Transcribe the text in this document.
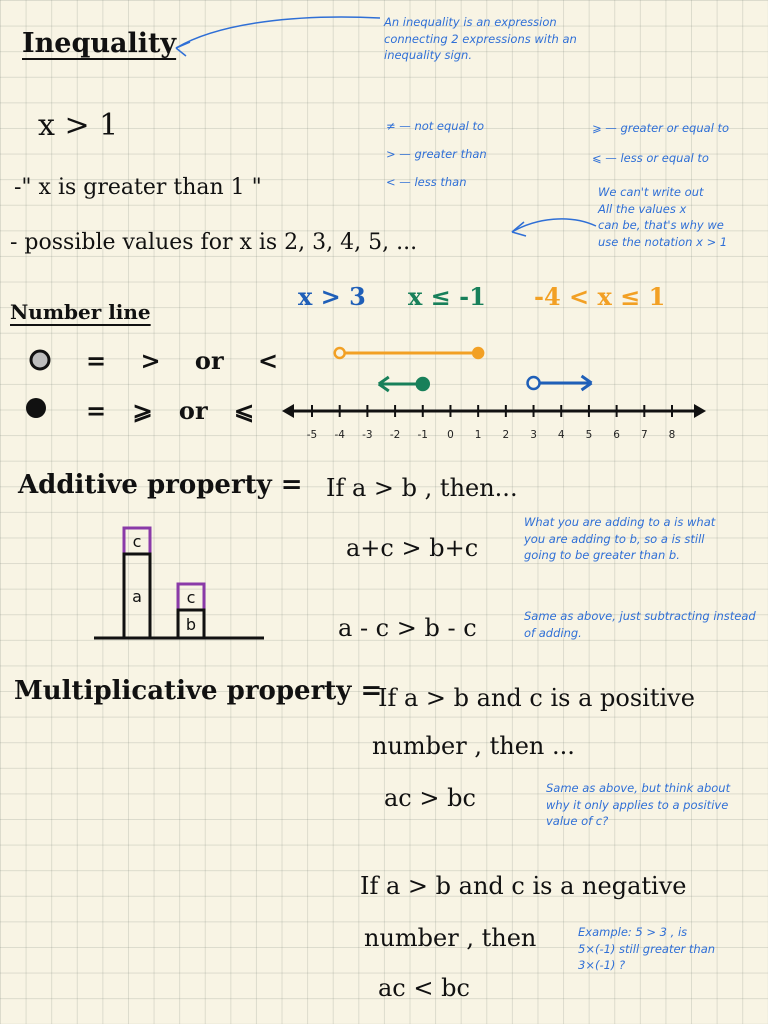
Inequality
An inequality is an expression
connecting 2 expressions with an
inequality sign.
x > 1	≠ — not equal to
> — greater than
< — less than
⩾ — greater or equal to
⩽ — less or equal to
-" x is greater than 1 "	We can't write out
All the values x
can be, that's why we
use the notation x > 1
- possible values for x is 2, 3, 4, 5, ...
Number line
x > 3 x ≤ -1 -4 < x ≤ 1
= > or <
= ⩾ or ⩽
-5 -4 -3 -2 -1 0 1 2 3 4 5 6 7 8
Additive property = If a > b , then...
a+c > b+c
a - c > b - c
What you are adding to a is what
you are adding to b, so a is still
going to be greater than b.
Same as above, just subtracting instead
of adding.
c
a	c
b
Multiplicative property =
If a > b and c is a positive
number , then ...
ac > bc	Same as above, but think about
why it only applies to a positive
value of c?
If a > b and c is a negative
number , then
ac < bc
Example: 5 > 3 , is
5×(-1) still greater than
3×(-1) ?
